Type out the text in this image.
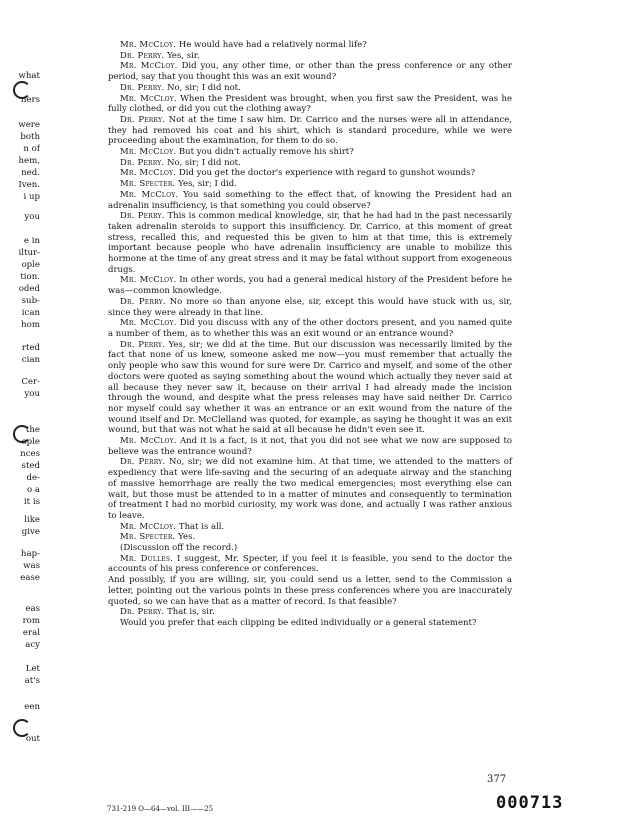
what
ners
were
both
n of
hem,
ned.
Iven.
i up
you
e in
iltur-
ople
tion.
oded
sub-
ican
hom
rted
cian
Cer-
you
the
ople
nces
sted
de-
o a
it is
like
give
hap-
was
ease
eas
rom
eral
acy
Let
at's
een
out

Mr. McCloy. He would have had a relatively normal life?

Dr. Perry. Yes, sir.

Mr. McCloy. Did you, any other time, or other than the press conference or any other period, say that you thought this was an exit wound?

Dr. Perry. No, sir; I did not.

Mr. McCloy. When the President was brought, when you first saw the President, was he fully clothed, or did you cut the clothing away?

Dr. Perry. Not at the time I saw him. Dr. Carrico and the nurses were all in attendance, they had removed his coat and his shirt, which is standard procedure, while we were proceeding about the examination, for them to do so.

Mr. McCloy. But you didn't actually remove his shirt?

Dr. Perry. No, sir; I did not.

Mr. McCloy. Did you get the doctor's experience with regard to gunshot wounds?

Mr. Specter. Yes, sir; I did.

Mr. McCloy. You said something to the effect that, of knowing the President had an adrenalin insufficiency, is that something you could observe?

Dr. Perry. This is common medical knowledge, sir, that he had had in the past necessarily taken adrenalin steroids to support this insufficiency. Dr. Carrico, at this moment of great stress, recalled this, and requested this be given to him at that time, this is extremely important because people who have adrenalin insufficiency are unable to mobilize this hormone at the time of any great stress and it may be fatal without support from exogeneous drugs.

Mr. McCloy. In other words, you had a general medical history of the President before he was—common knowledge.

Dr. Perry. No more so than anyone else, sir, except this would have stuck with us, sir, since they were already in that line.

Mr. McCloy. Did you discuss with any of the other doctors present, and you named quite a number of them, as to whether this was an exit wound or an entrance wound?

Dr. Perry. Yes, sir; we did at the time. But our discussion was necessarily limited by the fact that none of us knew, someone asked me now—you must remember that actually the only people who saw this wound for sure were Dr. Carrico and myself, and some of the other doctors were quoted as saying something about the wound which actually they never said at all because they never saw it, because on their arrival I had already made the incision through the wound, and despite what the press releases may have said neither Dr. Carrico nor myself could say whether it was an entrance or an exit wound from the nature of the wound itself and Dr. McClelland was quoted, for example, as saying he thought it was an exit wound, but that was not what he said at all because he didn't even see it.

Mr. McCloy. And it is a fact, is it not, that you did not see what we now are supposed to believe was the entrance wound?

Dr. Perry. No, sir; we did not examine him. At that time, we attended to the matters of expediency that were life-saving and the securing of an adequate airway and the stanching of massive hemorrhage are really the two medical emergencies; most everything else can wait, but those must be attended to in a matter of minutes and consequently to termination of treatment I had no morbid curiosity, my work was done, and actually I was rather anxious to leave.

Mr. McCloy. That is all.

Mr. Specter. Yes.

(Discussion off the record.)

Mr. Dulles. I suggest, Mr. Specter, if you feel it is feasible, you send to the doctor the accounts of his press conference or conferences.

And possibly, if you are willing, sir, you could send us a letter, send to the Commission a letter, pointing out the various points in these press conferences where you are inaccurately quoted, so we can have that as a matter of record. Is that feasible?

Dr. Perry. That is, sir.

Would you prefer that each clipping be edited individually or a general statement?

377
000713
731-219 O—64—vol. III——25
